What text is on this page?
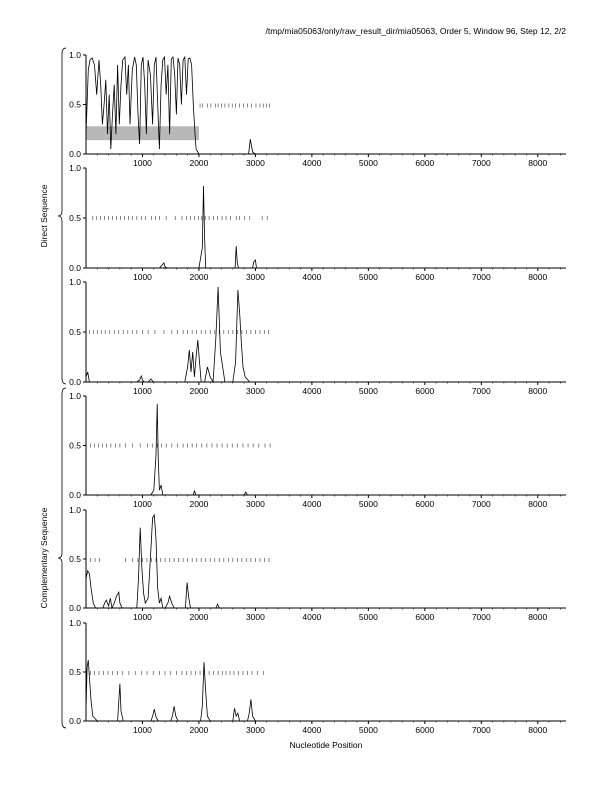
/tmp/mia05063/only/raw_result_dir/mia05063, Order 5, Window 96, Step 12, 2/2
0.0
0.5
1.0
1000	2000	3000	4000	5000	6000	7000	8000
0.0
0.5
1.0
1000	2000	3000	4000	5000	6000	7000	8000
0.0
0.5
1.0
1000	2000	3000	4000	5000	6000	7000	8000
0.0
0.5
1.0
1000	2000	3000	4000	5000	6000	7000	8000
0.0
0.5
1.0
1000	2000	3000	4000	5000	6000	7000	8000
0.0
0.5
1.0
1000	2000	3000	4000	5000	6000	7000	8000
Direct Sequence
Complementary Sequence
Nucleotide Position
